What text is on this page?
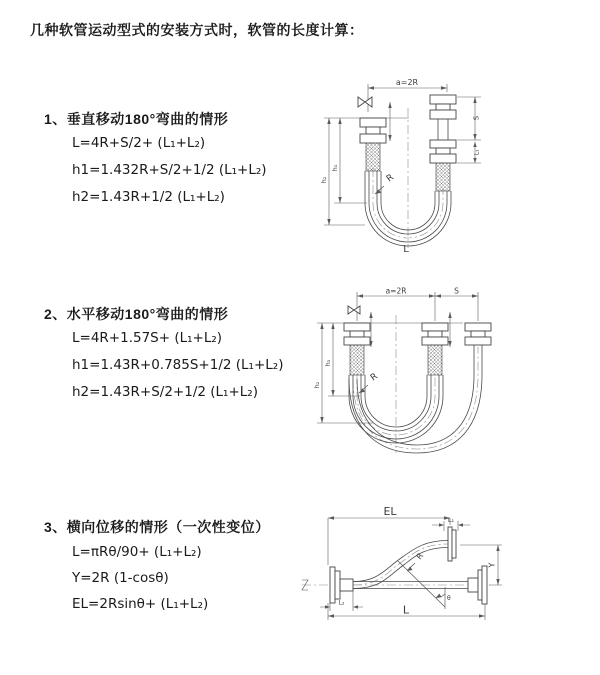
几种软管运动型式的安装方式时，软管的长度计算：
1、垂直移动180°弯曲的情形
L=4R+S/2+ (L₁+L₂)
h1=1.432R+S/2+1/2 (L₁+L₂)
h2=1.43R+1/2 (L₁+L₂)
a=2R
h₁
h₂
S
L₁
R
L
2、水平移动180°弯曲的情形
L=4R+1.57S+ (L₁+L₂)
h1=1.43R+0.785S+1/2 (L₁+L₂)
h2=1.43R+S/2+1/2 (L₁+L₂)
a=2R	S
h₁
h₂
R
3、横向位移的情形（一次性变位）
L=πRθ/90+ (L₁+L₂)
Y=2R (1-cosθ)
EL=2Rsinθ+ (L₁+L₂)
EL
L₁
Y
θ
R
L
L₂
